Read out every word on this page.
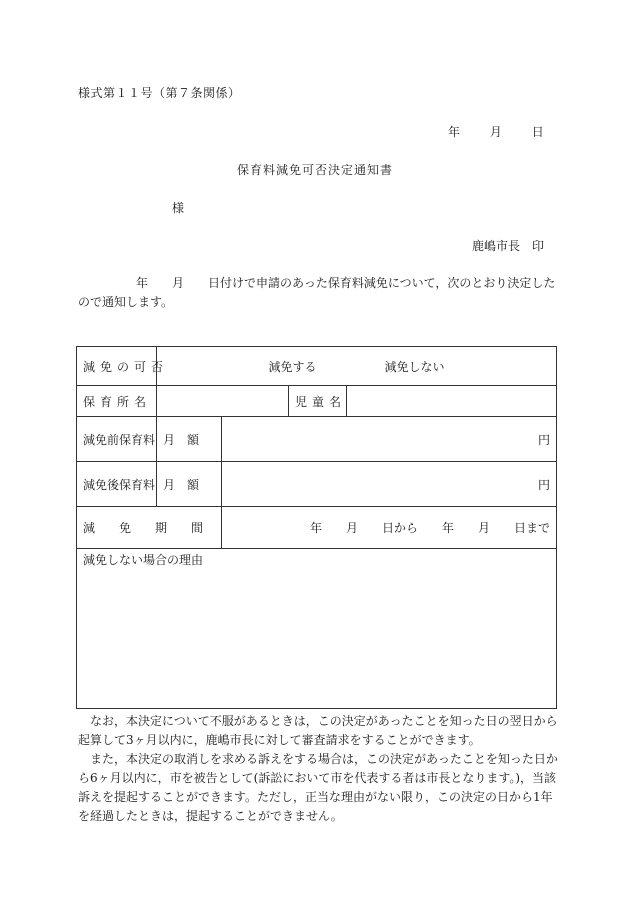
様式第１１号（第７条関係）
年 月 日
保育料減免可否決定通知書
様
鹿嶋市長　印
年 月 日付けで申請のあった保育料減免について，次のとおり決定したので通知します。
減免の可否	減免する 減免しない			
保育所名			児童名	
減免前保育料	月　額	円		
減免後保育料	月　額	円		
減　　免　　期　　間		年　　月　　日から　　年　　月　　日まで		
減免しない場合の理由				

なお，本決定について不服があるときは，この決定があったことを知った日の翌日から起算して3ヶ月以内に，鹿嶋市長に対して審査請求をすることができます。

また，本決定の取消しを求める訴えをする場合は，この決定があったことを知った日から6ヶ月以内に，市を被告として(訴訟において市を代表する者は市長となります。)，当該訴えを提起することができます。ただし，正当な理由がない限り，この決定の日から1年を経過したときは，提起することができません。
